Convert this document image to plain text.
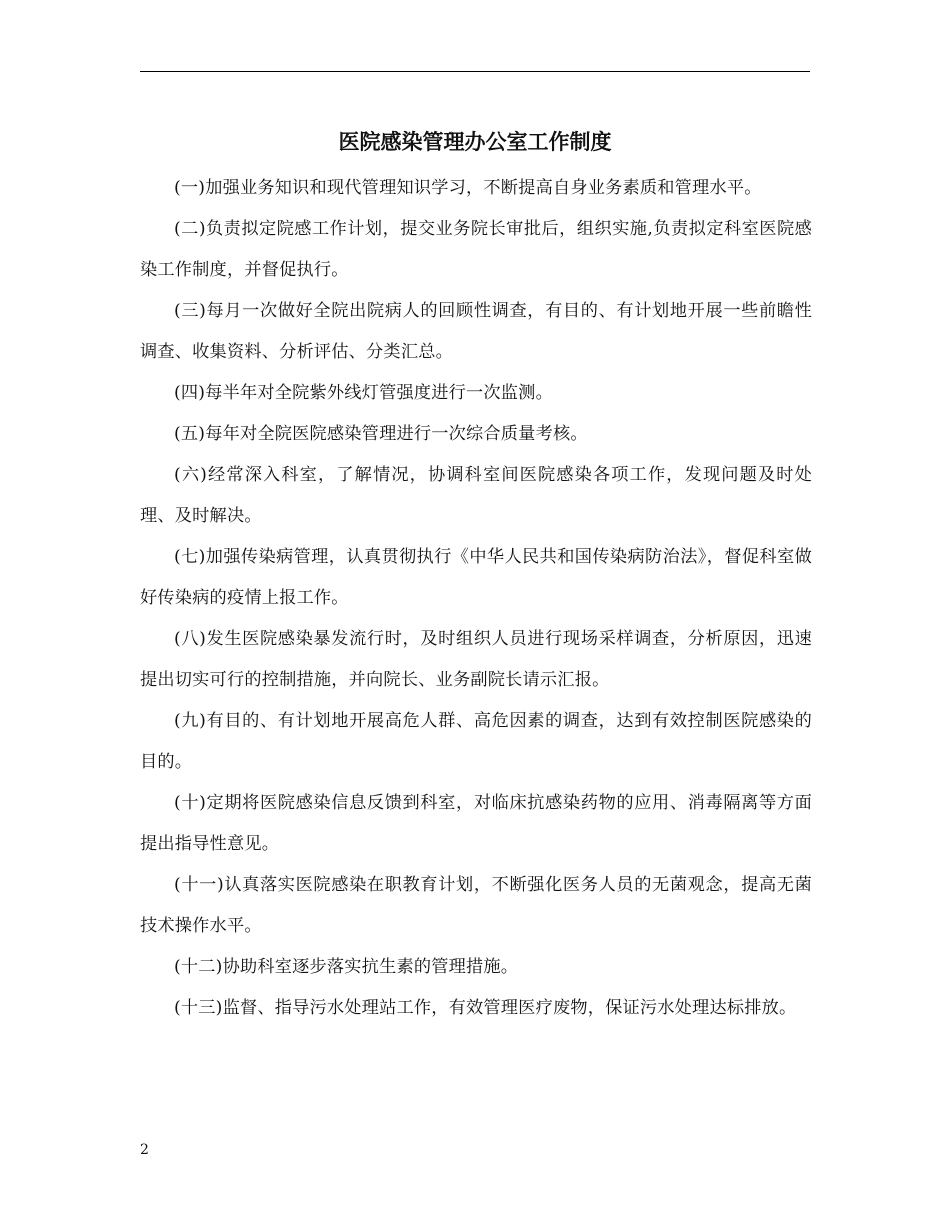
医院感染管理办公室工作制度

(一)加强业务知识和现代管理知识学习，不断提高自身业务素质和管理水平。

(二)负责拟定院感工作计划，提交业务院长审批后，组织实施,负责拟定科室医院感染工作制度，并督促执行。

(三)每月一次做好全院出院病人的回顾性调查，有目的、有计划地开展一些前瞻性调查、收集资料、分析评估、分类汇总。

(四)每半年对全院紫外线灯管强度进行一次监测。

(五)每年对全院医院感染管理进行一次综合质量考核。

(六)经常深入科室，了解情况，协调科室间医院感染各项工作，发现问题及时处理、及时解决。

(七)加强传染病管理，认真贯彻执行《中华人民共和国传染病防治法》，督促科室做好传染病的疫情上报工作。

(八)发生医院感染暴发流行时，及时组织人员进行现场采样调查，分析原因，迅速提出切实可行的控制措施，并向院长、业务副院长请示汇报。

(九)有目的、有计划地开展高危人群、高危因素的调查，达到有效控制医院感染的目的。

(十)定期将医院感染信息反馈到科室，对临床抗感染药物的应用、消毒隔离等方面提出指导性意见。

(十一)认真落实医院感染在职教育计划，不断强化医务人员的无菌观念，提高无菌技术操作水平。

(十二)协助科室逐步落实抗生素的管理措施。

(十三)监督、指导污水处理站工作，有效管理医疗废物，保证污水处理达标排放。

2
